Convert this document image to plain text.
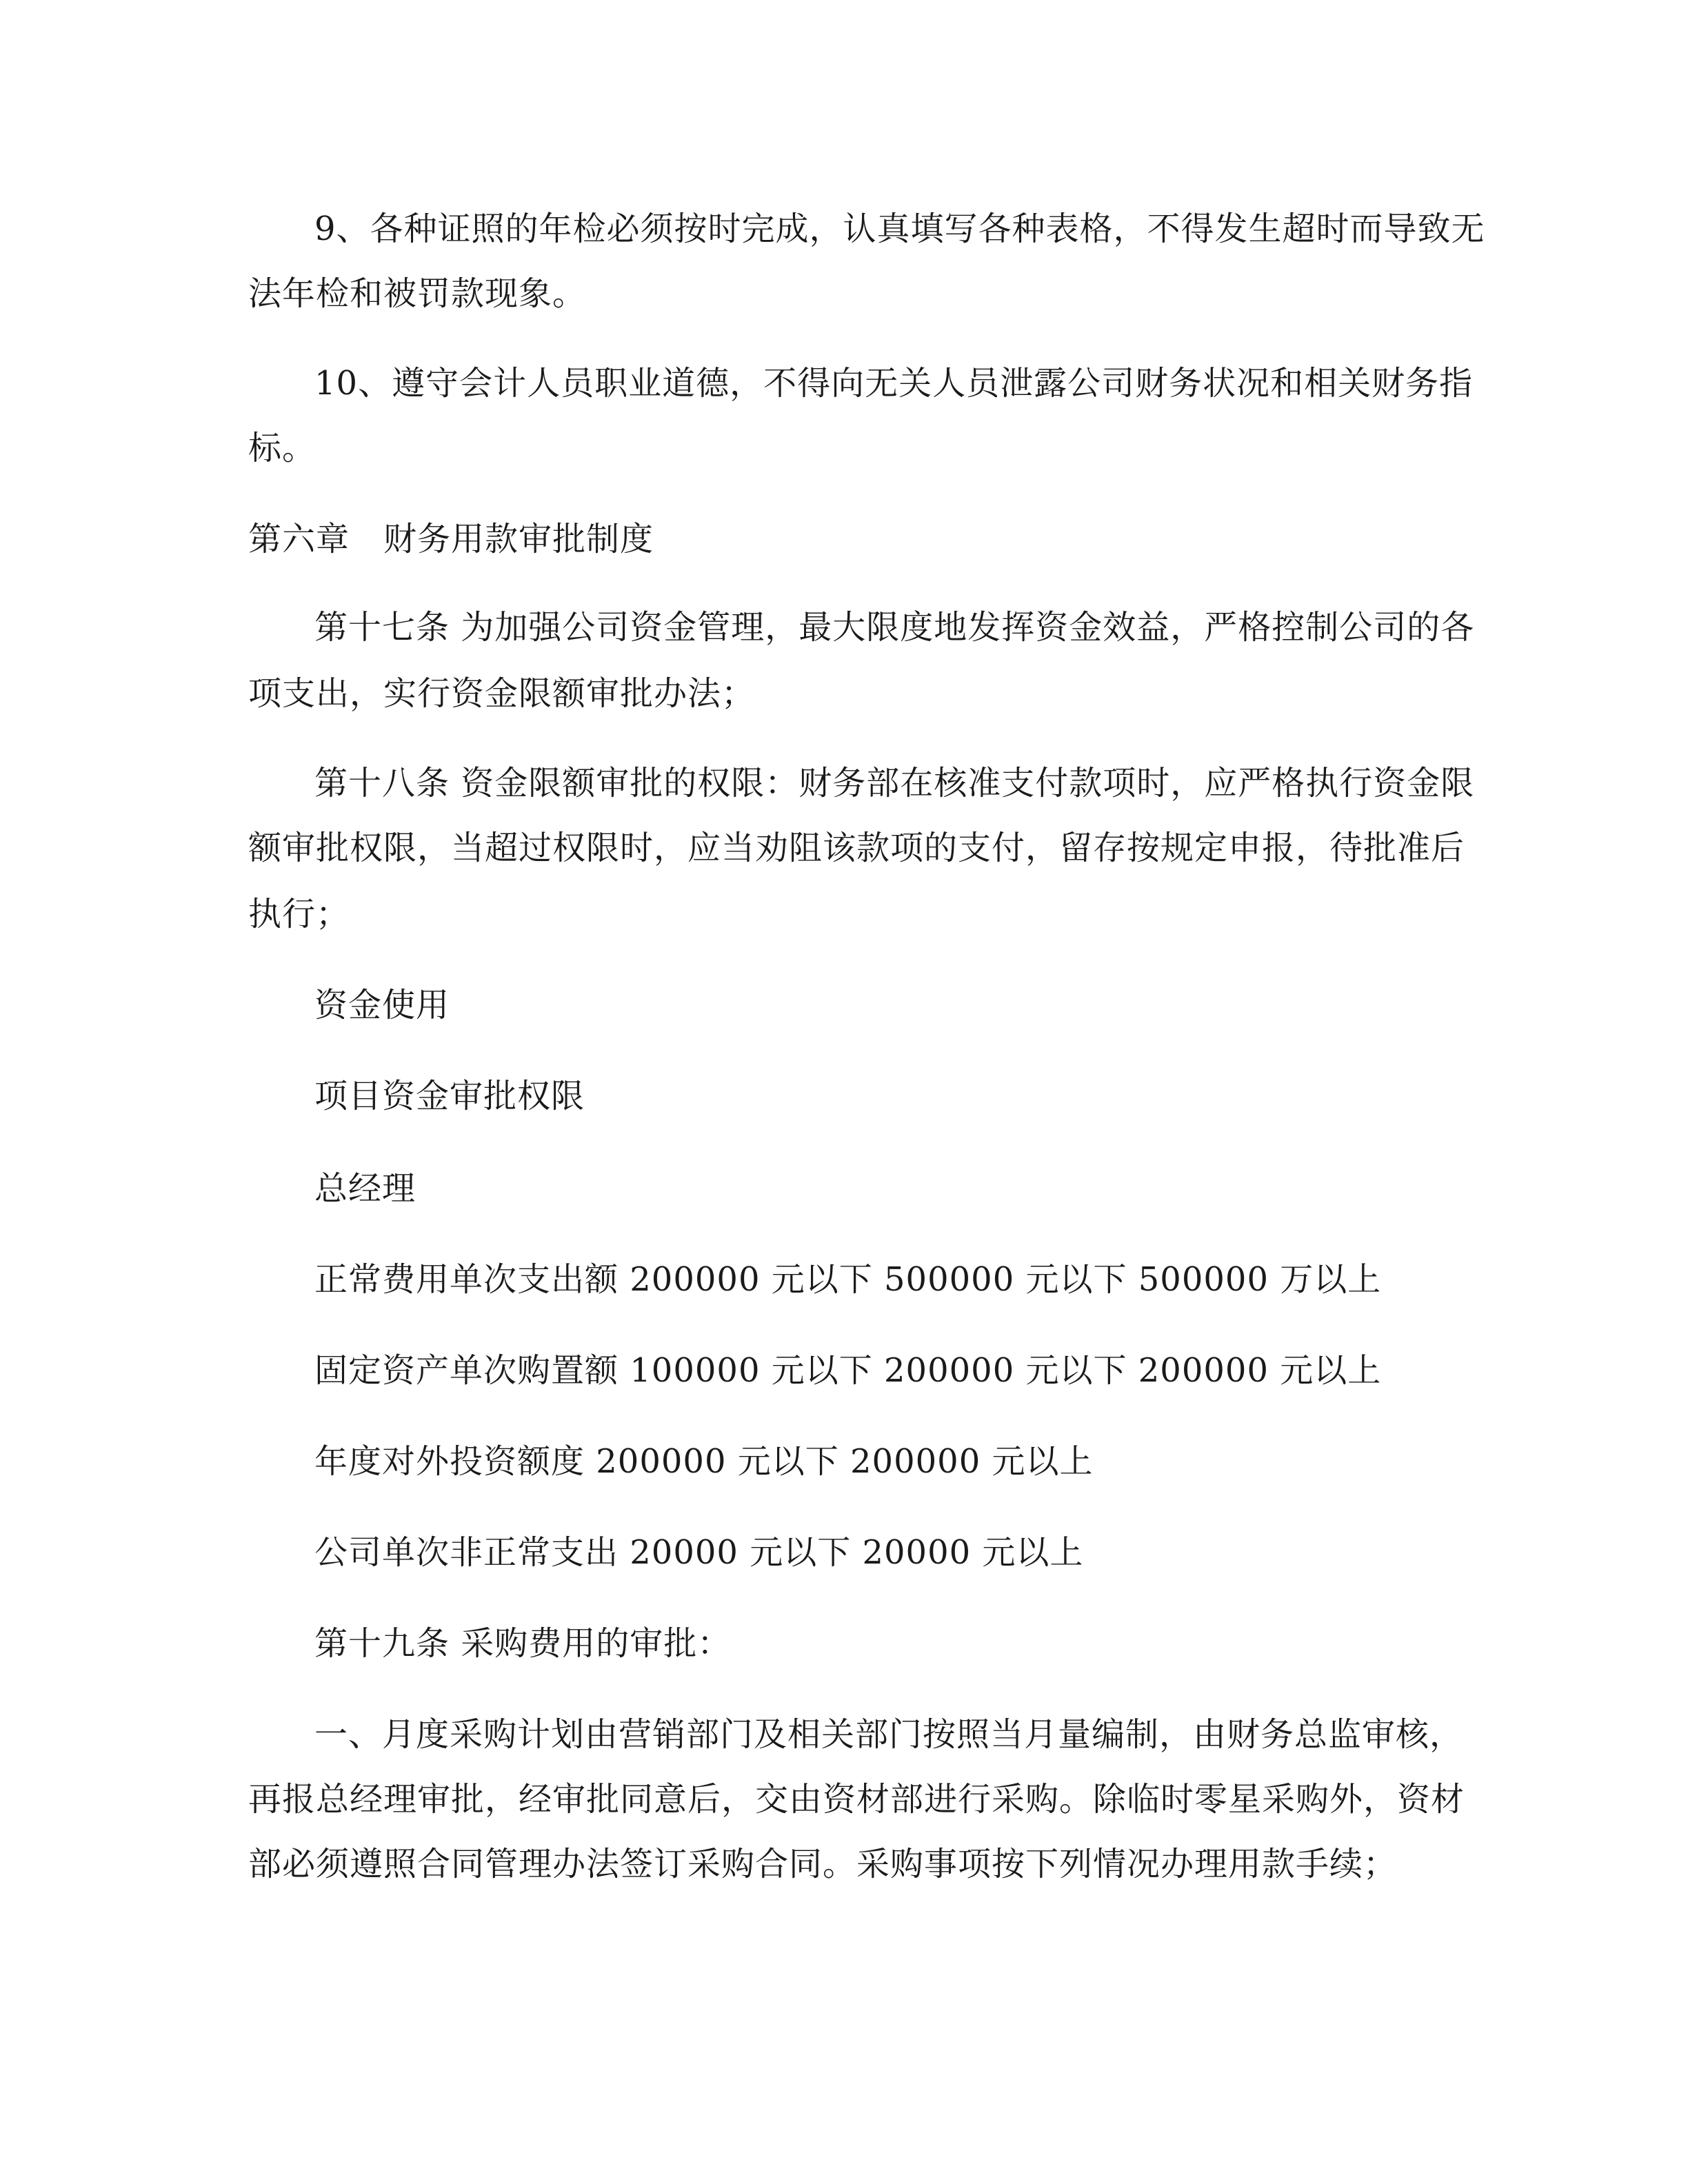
9、各种证照的年检必须按时完成，认真填写各种表格，不得发生超时而导致无
法年检和被罚款现象。
10、遵守会计人员职业道德，不得向无关人员泄露公司财务状况和相关财务指
标。
第六章　财务用款审批制度
第十七条 为加强公司资金管理，最大限度地发挥资金效益，严格控制公司的各
项支出，实行资金限额审批办法；
第十八条 资金限额审批的权限：财务部在核准支付款项时，应严格执行资金限
额审批权限，当超过权限时，应当劝阻该款项的支付，留存按规定申报，待批准后
执行；
资金使用
项目资金审批权限
总经理
正常费用单次支出额 200000 元以下 500000 元以下 500000 万以上
固定资产单次购置额 100000 元以下 200000 元以下 200000 元以上
年度对外投资额度 200000 元以下 200000 元以上
公司单次非正常支出 20000 元以下 20000 元以上
第十九条 采购费用的审批：
一、月度采购计划由营销部门及相关部门按照当月量编制，由财务总监审核，
再报总经理审批，经审批同意后，交由资材部进行采购。除临时零星采购外，资材
部必须遵照合同管理办法签订采购合同。采购事项按下列情况办理用款手续；
